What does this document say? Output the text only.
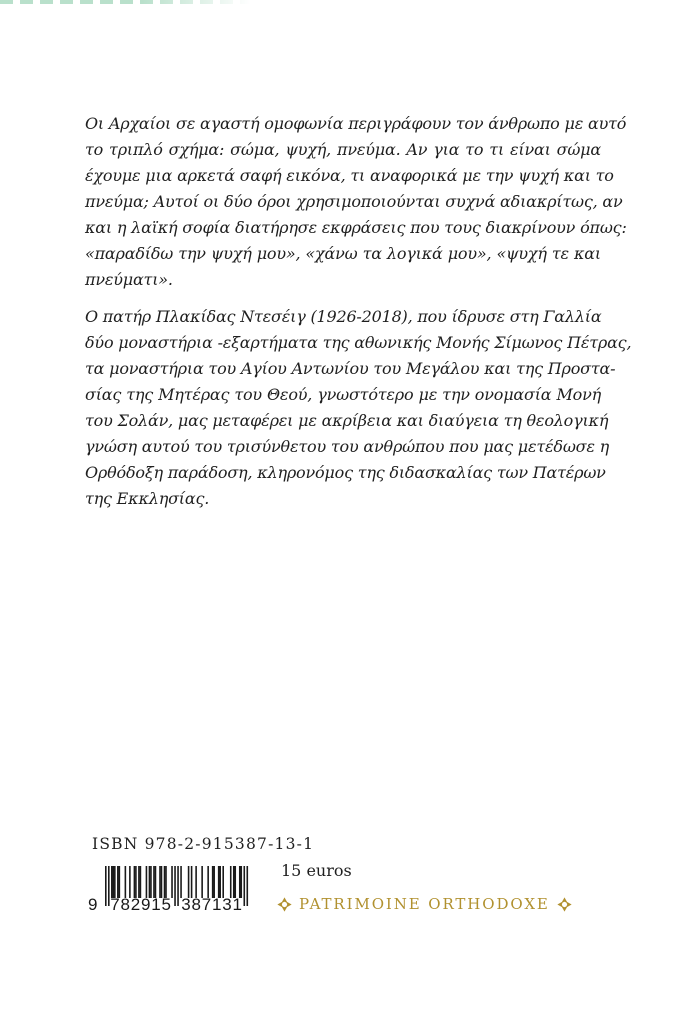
Οι Αρχαίοι σε αγαστή ομοφωνία περιγράφουν τον άνθρωπο με αυτό
το τριπλό σχήμα: σώμα, ψυχή, πνεύμα. Αν για το τι είναι σώμα
έχουμε μια αρκετά σαφή εικόνα, τι αναφορικά με την ψυχή και το
πνεύμα; Αυτοί οι δύο όροι χρησιμοποιούνται συχνά αδιακρίτως, αν
και η λαϊκή σοφία διατήρησε εκφράσεις που τους διακρίνουν όπως:
«παραδίδω την ψυχή μου», «χάνω τα λογικά μου», «ψυχή τε και
πνεύματι».
Ο πατήρ Πλακίδας Ντεσέιγ (1926-2018), που ίδρυσε στη Γαλλία
δύο μοναστήρια -εξαρτήματα της αθωνικής Μονής Σίμωνος Πέτρας,
τα μοναστήρια του Αγίου Αντωνίου του Μεγάλου και της Προστα-
σίας της Μητέρας του Θεού, γνωστότερο με την ονομασία Μονή
του Σολάν, μας μεταφέρει με ακρίβεια και διαύγεια τη θεολογική
γνώση αυτού του τρισύνθετου του ανθρώπου που μας μετέδωσε η
Ορθόδοξη παράδοση, κληρονόμος της διδασκαλίας των Πατέρων
της Εκκλησίας.
ISBN 978-2-915387-13-1
9 782915 387131
15 euros
PATRIMOINE ORTHODOXE
